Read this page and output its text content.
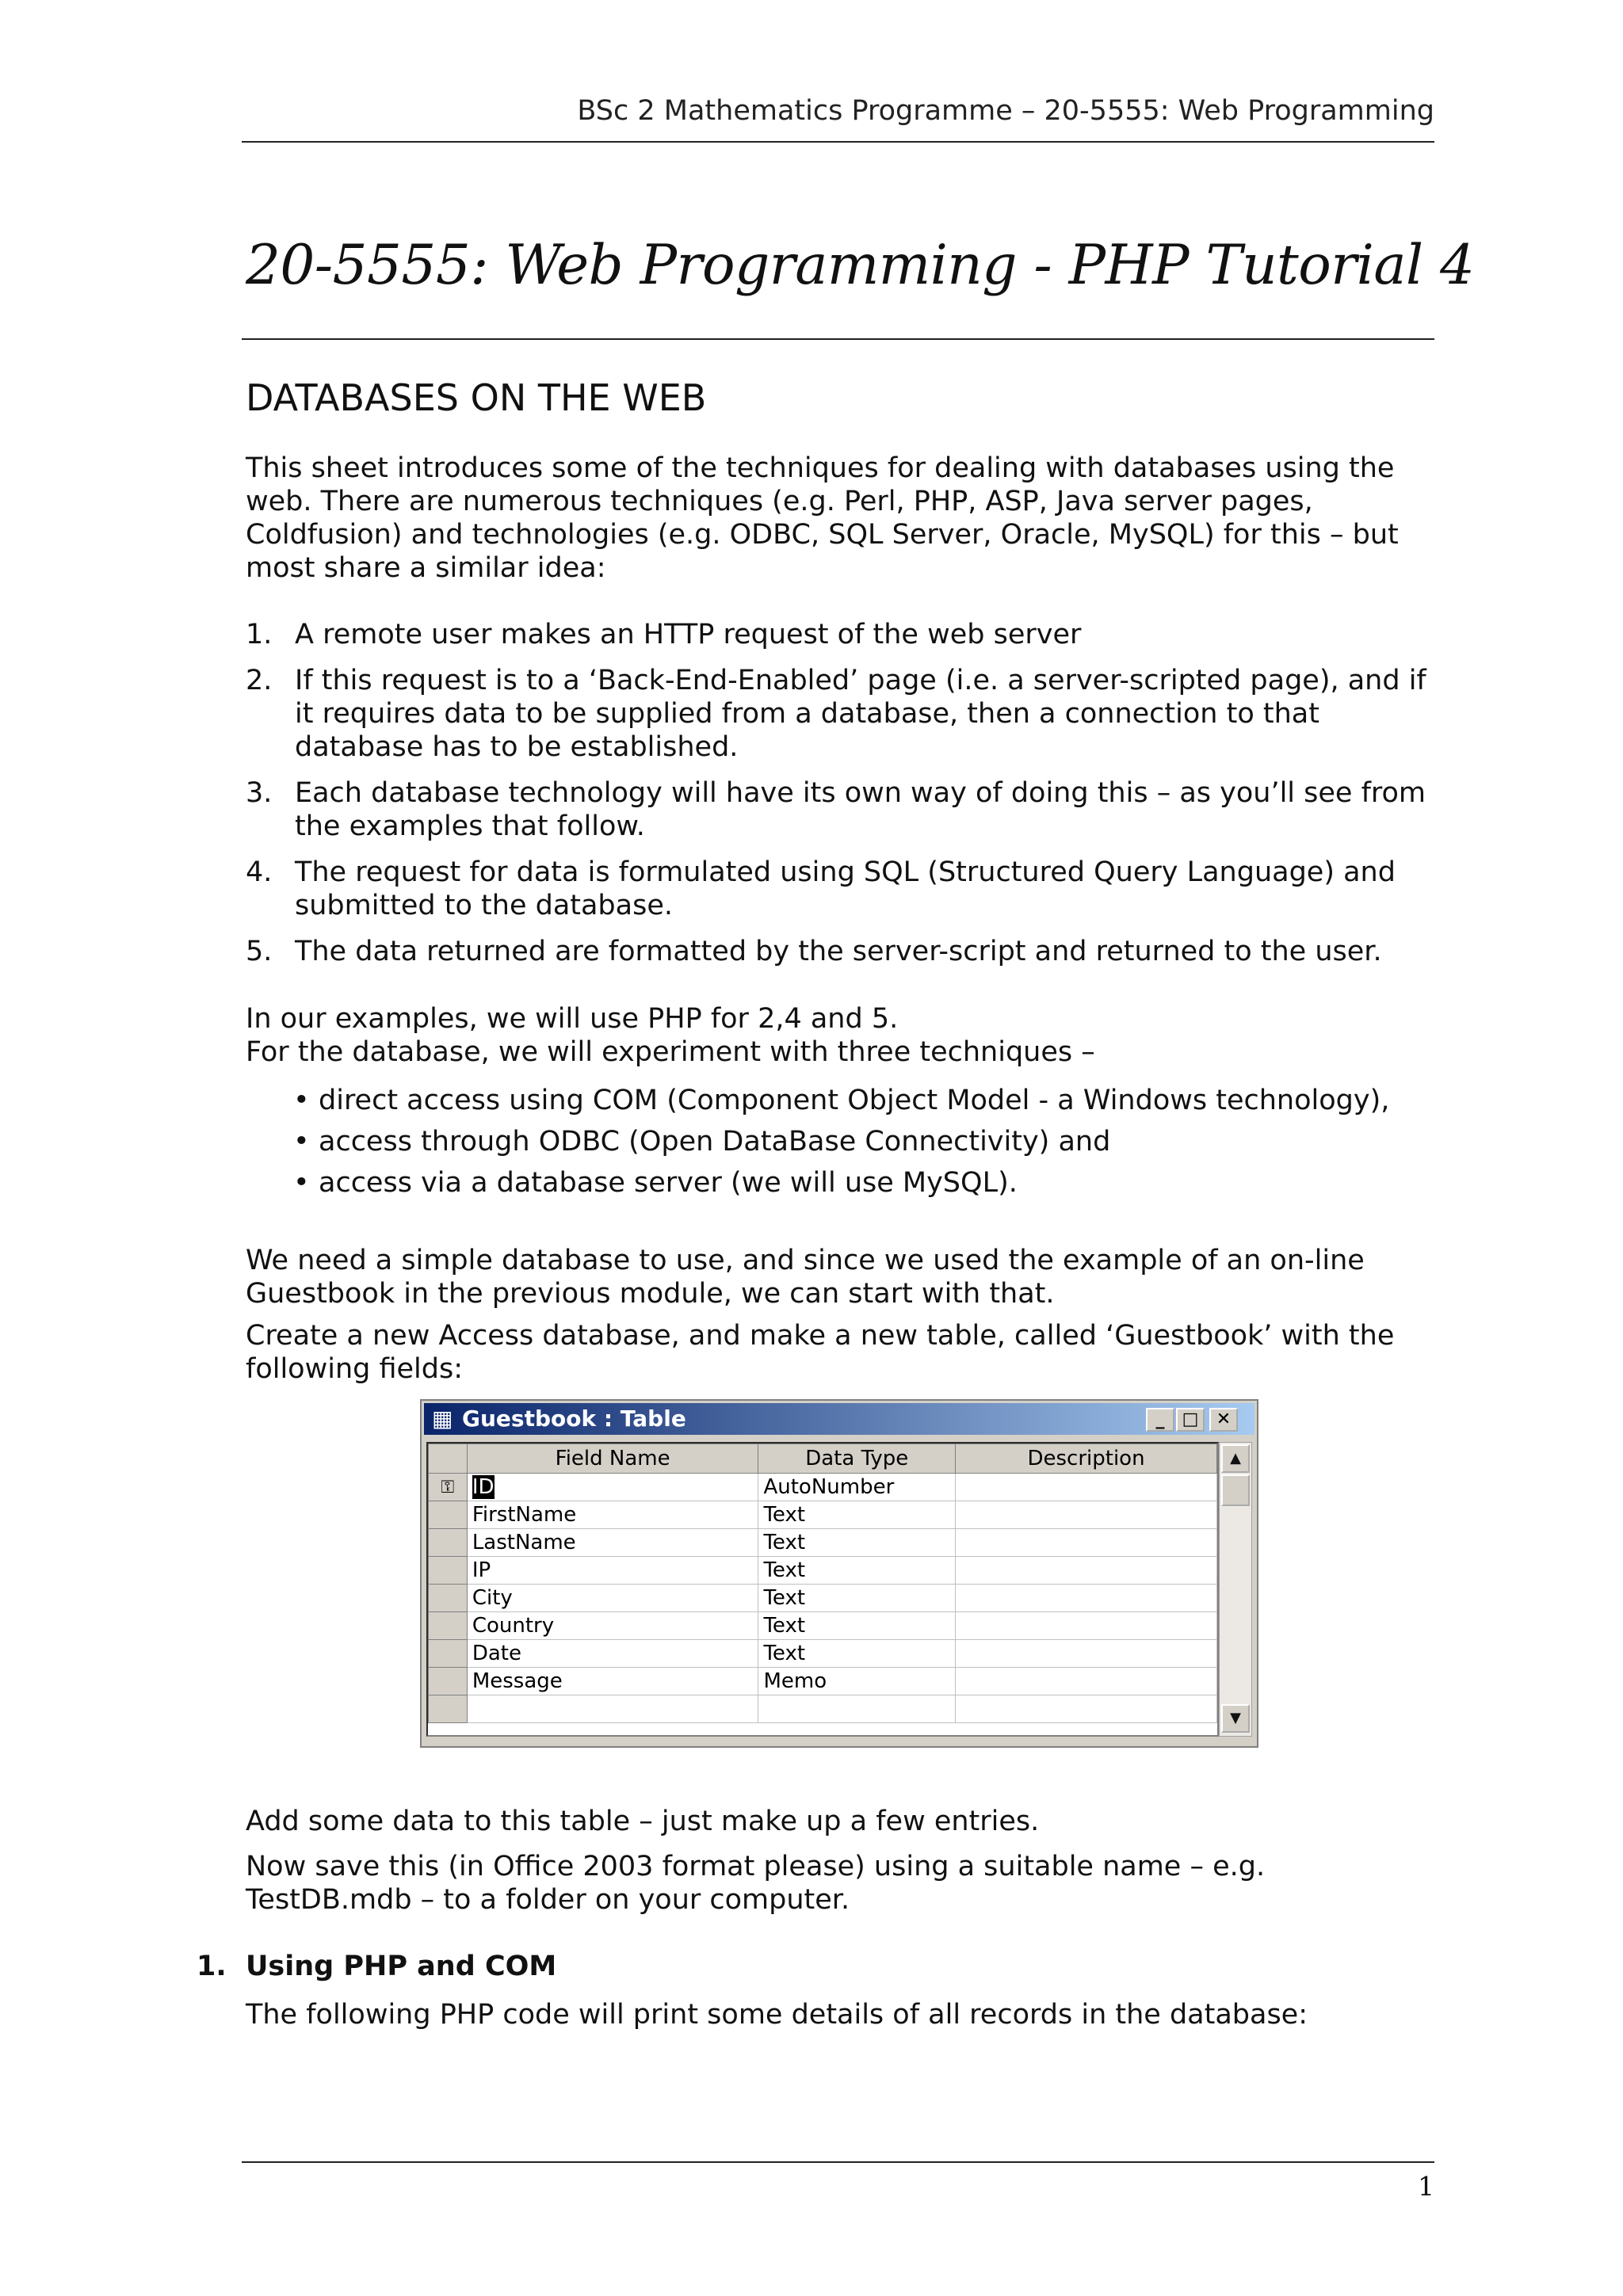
BSc 2 Mathematics Programme – 20-5555: Web Programming
20-5555: Web Programming - PHP Tutorial 4
DATABASES ON THE WEB
This sheet introduces some of the techniques for dealing with databases using the web. There are numerous techniques (e.g. Perl, PHP, ASP, Java server pages, Coldfusion) and technologies (e.g. ODBC, SQL Server, Oracle, MySQL) for this – but most share a similar idea:
1. A remote user makes an HTTP request of the web server
2. If this request is to a ‘Back-End-Enabled’ page (i.e. a server-scripted page), and if it requires data to be supplied from a database, then a connection to that database has to be established.
3. Each database technology will have its own way of doing this – as you’ll see from the examples that follow.
4. The request for data is formulated using SQL (Structured Query Language) and submitted to the database.
5. The data returned are formatted by the server-script and returned to the user.
In our examples, we will use PHP for 2,4 and 5.
For the database, we will experiment with three techniques –
• direct access using COM (Component Object Model - a Windows technology),
• access through ODBC (Open DataBase Connectivity) and
• access via a database server (we will use MySQL).
We need a simple database to use, and since we used the example of an on-line Guestbook in the previous module, we can start with that.
Create a new Access database, and make a new table, called ‘Guestbook’ with the following fields:
▦ Guestbook : Table	_	□	✕
	Field Name	Data Type	Description
⚿	ID	AutoNumber	
	FirstName	Text	
	LastName	Text	
	IP	Text	
	City	Text	
	Country	Text	
	Date	Text	
	Message	Memo	

▲
▼
Add some data to this table – just make up a few entries.
Now save this (in Office 2003 format please) using a suitable name – e.g. TestDB.mdb – to a folder on your computer.
1. Using PHP and COM
The following PHP code will print some details of all records in the database:
1
